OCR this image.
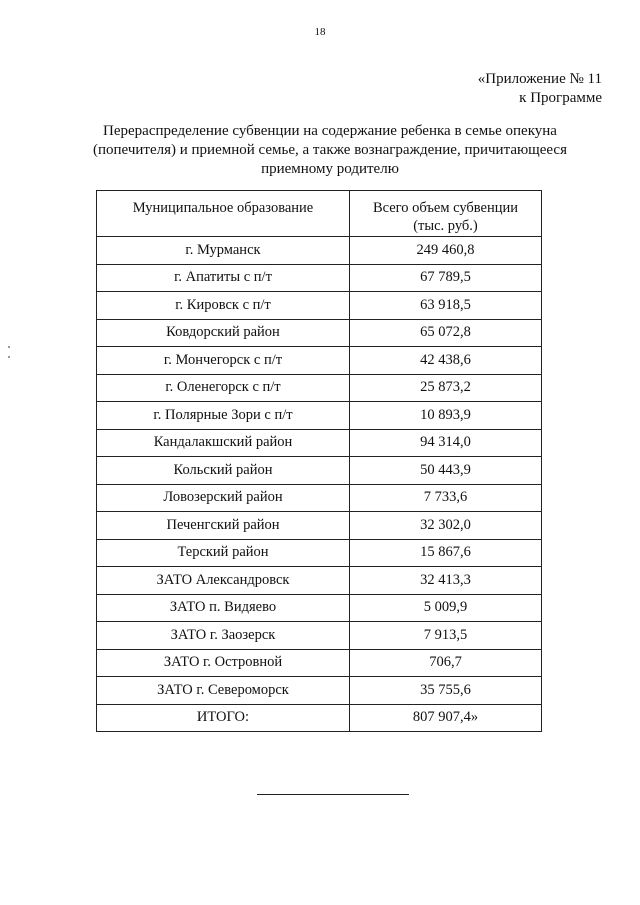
18
«Приложение № 11
к Программе
Перераспределение субвенции на содержание ребенка в семье опекуна
(попечителя) и приемной семье, а также вознаграждение, причитающееся
приемному родителю
Муниципальное образование	Всего объем субвенции
(тыс. руб.)

г. Мурманск	249 460,8
г. Апатиты с п/т	67 789,5
г. Кировск с п/т	63 918,5
Ковдорский район	65 072,8
г. Мончегорск с п/т	42 438,6
г. Оленегорск с п/т	25 873,2
г. Полярные Зори с п/т	10 893,9
Кандалакшский район	94 314,0
Кольский район	50 443,9
Ловозерский район	7 733,6
Печенгский район	32 302,0
Терский район	15 867,6
ЗАТО Александровск	32 413,3
ЗАТО п. Видяево	5 009,9
ЗАТО г. Заозерск	7 913,5
ЗАТО г. Островной	706,7
ЗАТО г. Североморск	35 755,6
ИТОГО:	807 907,4»
